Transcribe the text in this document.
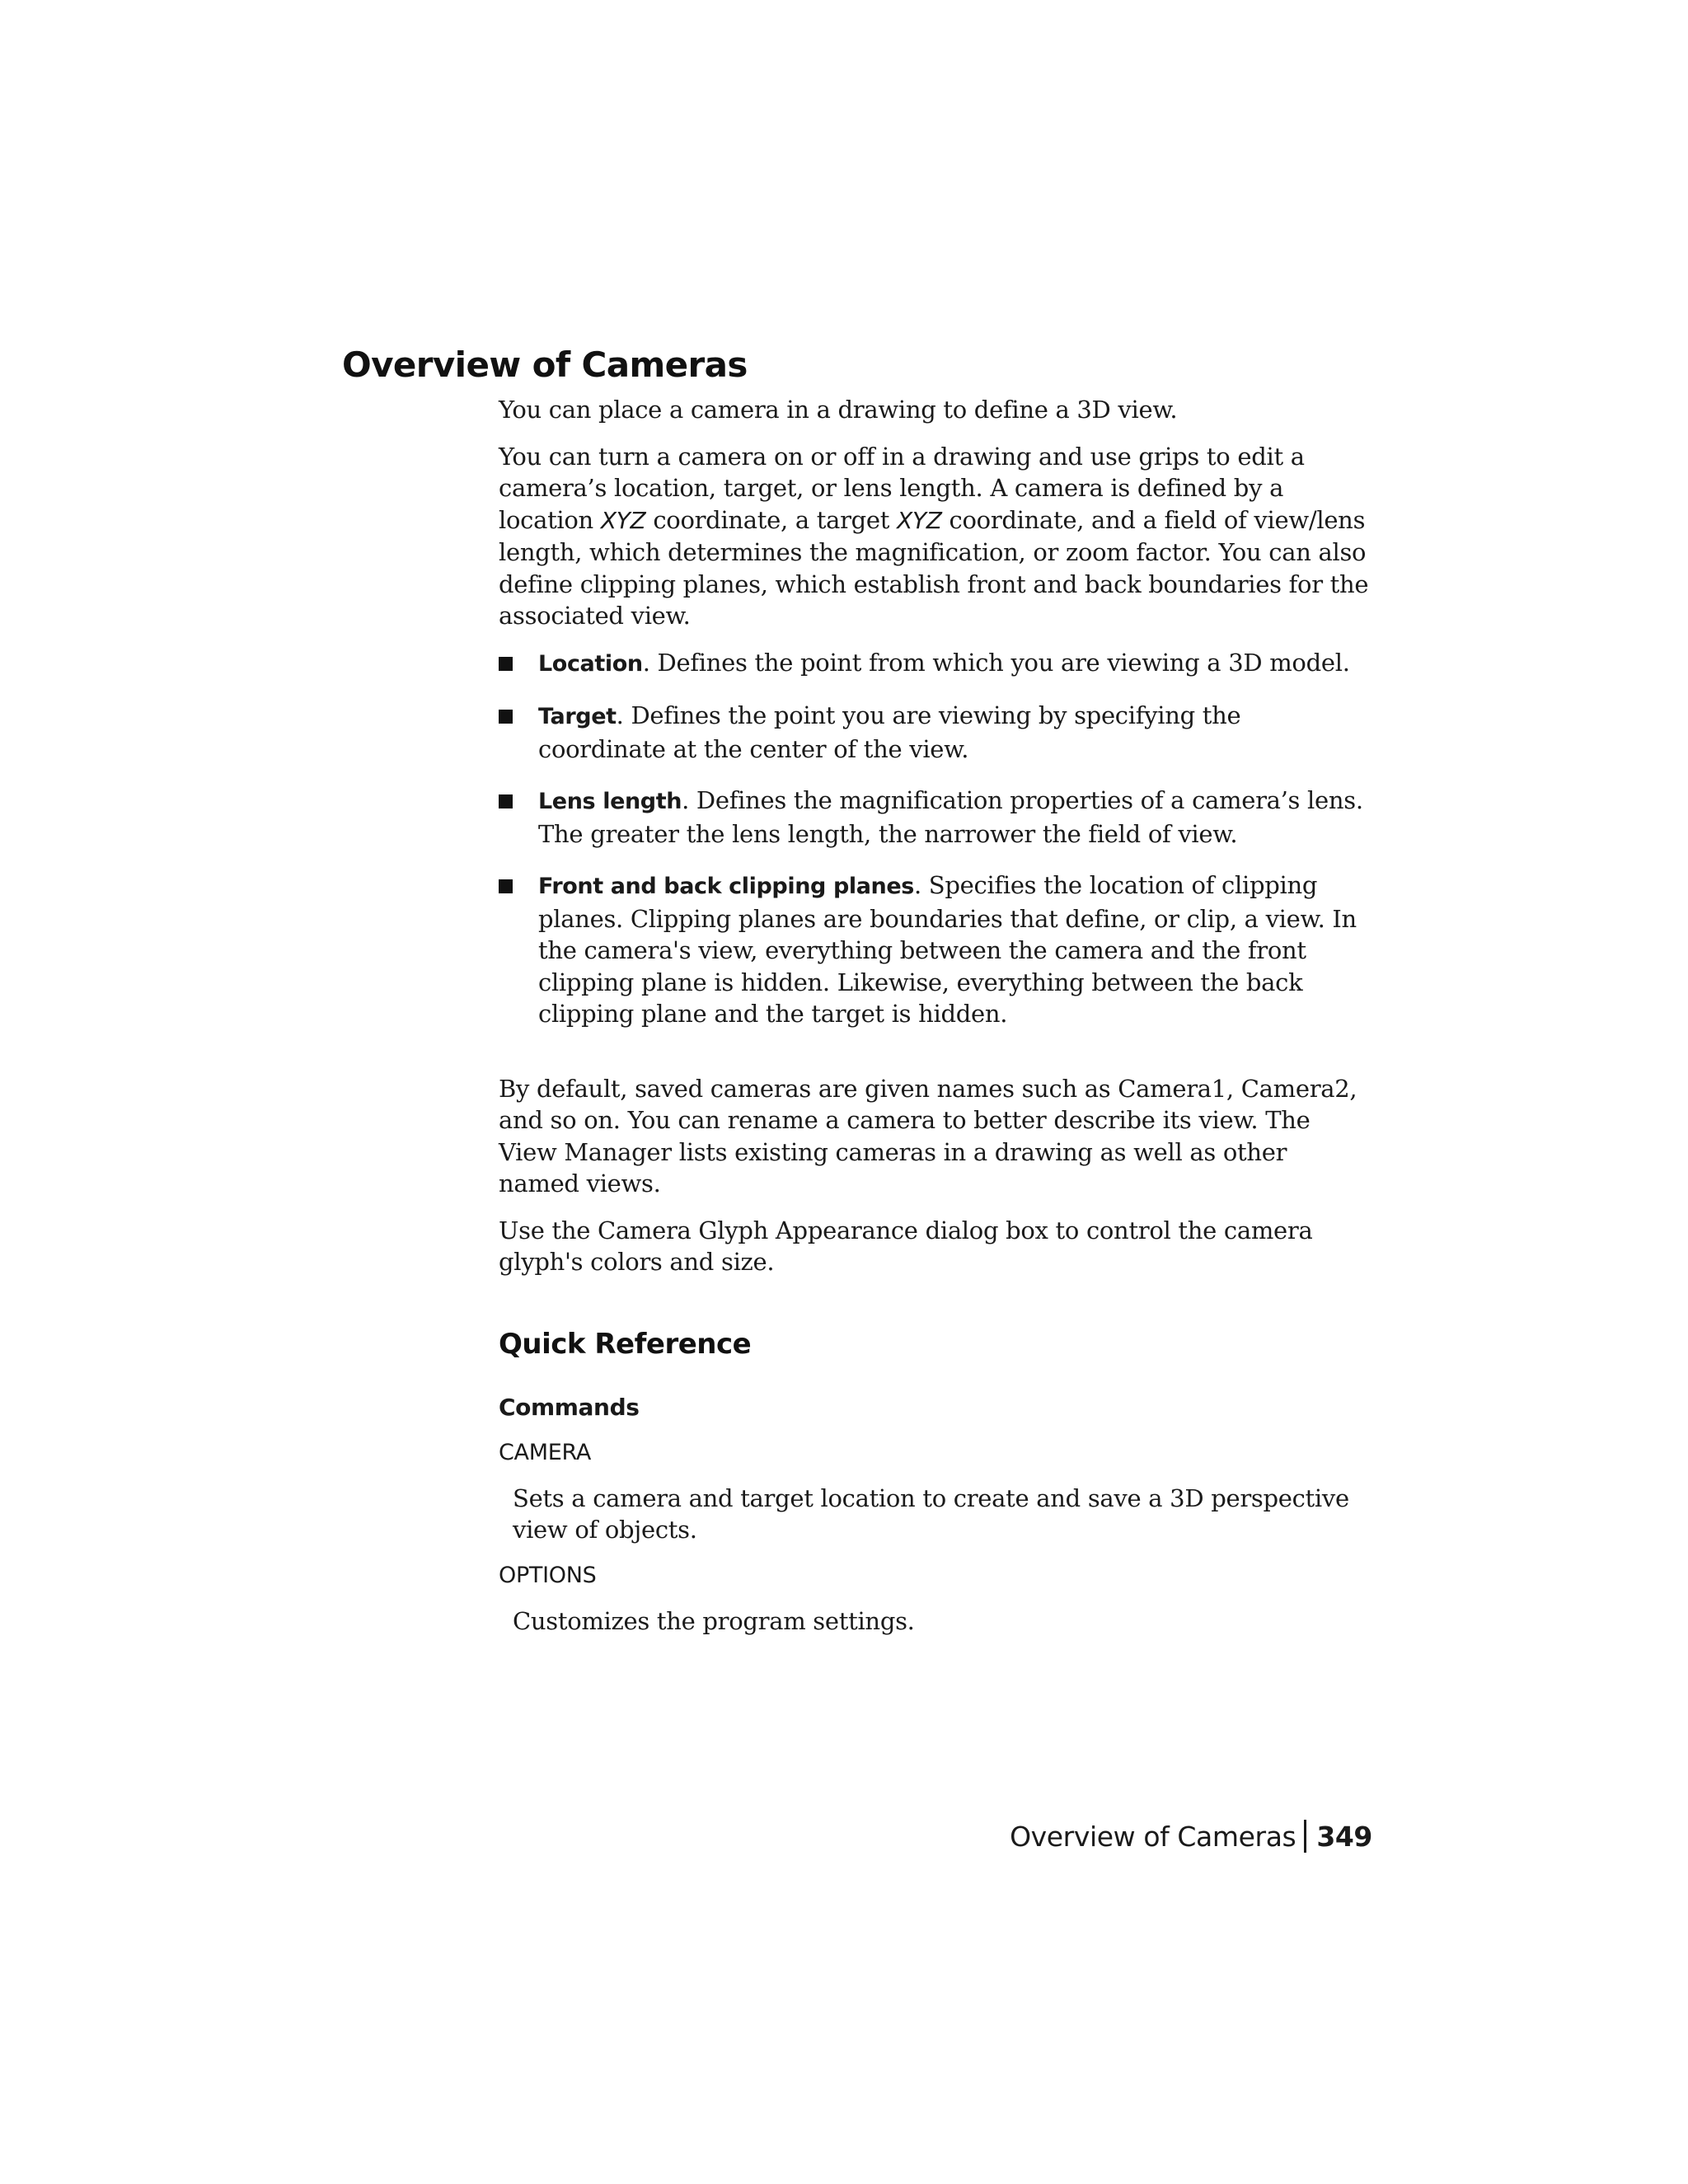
Overview of Cameras

You can place a camera in a drawing to define a 3D view.

You can turn a camera on or off in a drawing and use grips to edit a camera’s location, target, or lens length. A camera is defined by a location XYZ coordinate, a target XYZ coordinate, and a field of view/lens length, which determines the magnification, or zoom factor. You can also define clipping planes, which establish front and back boundaries for the associated view.

Location. Defines the point from which you are viewing a 3D model.
Target. Defines the point you are viewing by specifying the coordinate at the center of the view.
Lens length. Defines the magnification properties of a camera’s lens. The greater the lens length, the narrower the field of view.
Front and back clipping planes. Specifies the location of clipping planes. Clipping planes are boundaries that define, or clip, a view. In the camera's view, everything between the camera and the front clipping plane is hidden. Likewise, everything between the back clipping plane and the target is hidden.

By default, saved cameras are given names such as Camera1, Camera2, and so on. You can rename a camera to better describe its view. The View Manager lists existing cameras in a drawing as well as other named views.

Use the Camera Glyph Appearance dialog box to control the camera glyph's colors and size.

Quick Reference
Commands
CAMERA
Sets a camera and target location to create and save a 3D perspective view of objects.
OPTIONS
Customizes the program settings.
Overview of Cameras 349
